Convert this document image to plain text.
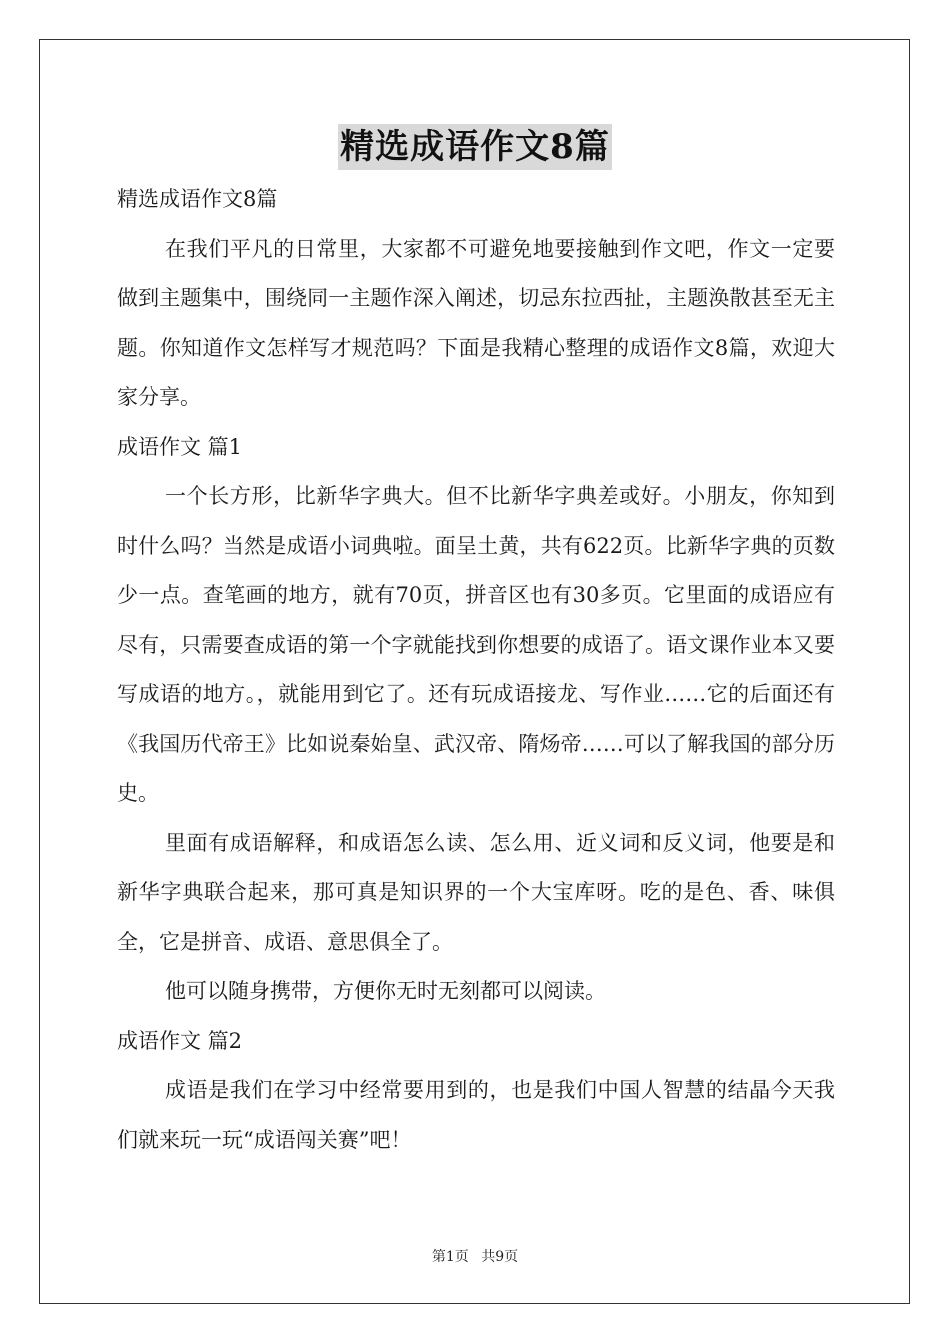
精选成语作文8篇
精选成语作文8篇
在我们平凡的日常里，大家都不可避免地要接触到作文吧，作文一定要做到主题集中，围绕同一主题作深入阐述，切忌东拉西扯，主题涣散甚至无主题。你知道作文怎样写才规范吗？下面是我精心整理的成语作文8篇，欢迎大家分享。
成语作文 篇1
一个长方形，比新华字典大。但不比新华字典差或好。小朋友，你知到时什么吗？当然是成语小词典啦。面呈土黄，共有622页。比新华字典的页数少一点。查笔画的地方，就有70页，拼音区也有30多页。它里面的成语应有尽有，只需要查成语的第一个字就能找到你想要的成语了。语文课作业本又要写成语的地方。，就能用到它了。还有玩成语接龙、写作业……它的后面还有《我国历代帝王》比如说秦始皇、武汉帝、隋炀帝……可以了解我国的部分历史。
里面有成语解释，和成语怎么读、怎么用、近义词和反义词，他要是和新华字典联合起来，那可真是知识界的一个大宝库呀。吃的是色、香、味俱全，它是拼音、成语、意思俱全了。
他可以随身携带，方便你无时无刻都可以阅读。
成语作文 篇2
成语是我们在学习中经常要用到的，也是我们中国人智慧的结晶今天我们就来玩一玩“成语闯关赛”吧！
第1页 共9页
